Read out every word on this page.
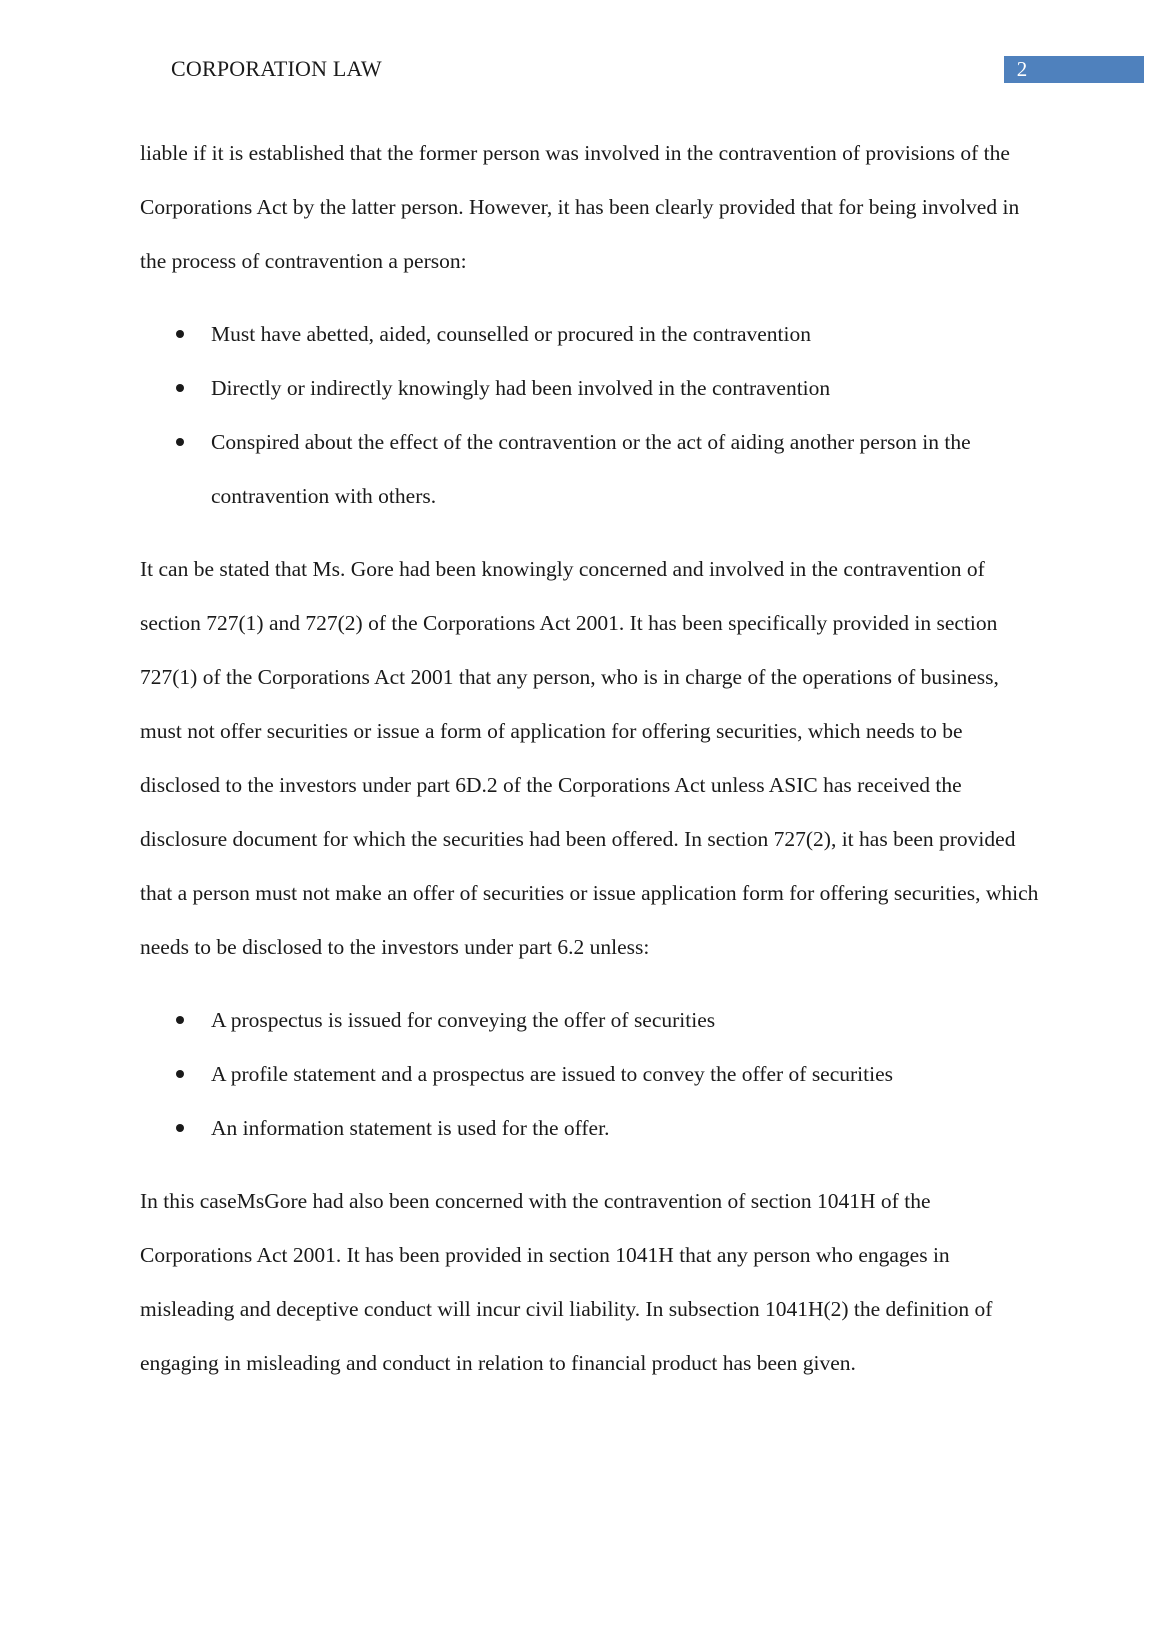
CORPORATION LAW	2

liable if it is established that the former person was involved in the contravention of provisions of the Corporations Act by the latter person. However, it has been clearly provided that for being involved in the process of contravention a person:

Must have abetted, aided, counselled or procured in the contravention
Directly or indirectly knowingly had been involved in the contravention
Conspired about the effect of the contravention or the act of aiding another person in the contravention with others.

It can be stated that Ms. Gore had been knowingly concerned and involved in the contravention of section 727(1) and 727(2) of the Corporations Act 2001. It has been specifically provided in section 727(1) of the Corporations Act 2001 that any person, who is in charge of the operations of business, must not offer securities or issue a form of application for offering securities, which needs to be disclosed to the investors under part 6D.2 of the Corporations Act unless ASIC has received the disclosure document for which the securities had been offered. In section 727(2), it has been provided that a person must not make an offer of securities or issue application form for offering securities, which needs to be disclosed to the investors under part 6.2 unless:

A prospectus is issued for conveying the offer of securities
A profile statement and a prospectus are issued to convey the offer of securities
An information statement is used for the offer.

In this caseMsGore had also been concerned with the contravention of section 1041H of the Corporations Act 2001. It has been provided in section 1041H that any person who engages in misleading and deceptive conduct will incur civil liability. In subsection 1041H(2) the definition of engaging in misleading and conduct in relation to financial product has been given.
